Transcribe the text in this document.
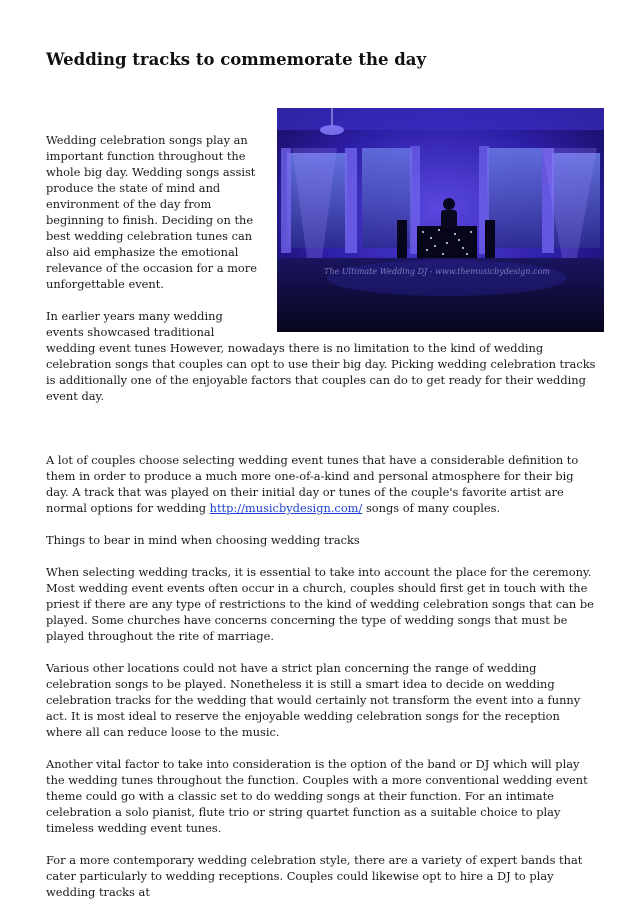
Wedding tracks to commemorate the day
The Ultimate Wedding DJ - www.themusicbydesign.com

Wedding celebration songs play an important function throughout the whole big day. Wedding songs assist produce the state of mind and environment of the day from beginning to finish. Deciding on the best wedding celebration tunes can also aid emphasize the emotional relevance of the occasion for a more unforgettable event.

In earlier years many wedding events showcased traditional wedding event tunes However, nowadays there is no limitation to the kind of wedding celebration songs that couples can opt to use their big day. Picking wedding celebration tracks is additionally one of the enjoyable factors that couples can do to get ready for their wedding event day.

A lot of couples choose selecting wedding event tunes that have a considerable definition to them in order to produce a much more one-of-a-kind and personal atmosphere for their big day. A track that was played on their initial day or tunes of the couple's favorite artist are normal options for wedding http://musicbydesign.com/ songs of many couples.

Things to bear in mind when choosing wedding tracks

When selecting wedding tracks, it is essential to take into account the place for the ceremony. Most wedding event events often occur in a church, couples should first get in touch with the priest if there are any type of restrictions to the kind of wedding celebration songs that can be played. Some churches have concerns concerning the type of wedding songs that must be played throughout the rite of marriage.

Various other locations could not have a strict plan concerning the range of wedding celebration songs to be played. Nonetheless it is still a smart idea to decide on wedding celebration tracks for the wedding that would certainly not transform the event into a funny act. It is most ideal to reserve the enjoyable wedding celebration songs for the reception where all can reduce loose to the music.

Another vital factor to take into consideration is the option of the band or DJ which will play the wedding tunes throughout the function. Couples with a more conventional wedding event theme could go with a classic set to do wedding songs at their function. For an intimate celebration a solo pianist, flute trio or string quartet function as a suitable choice to play timeless wedding event tunes.

For a more contemporary wedding celebration style, there are a variety of expert bands that cater particularly to wedding receptions. Couples could likewise opt to hire a DJ to play wedding tracks at
